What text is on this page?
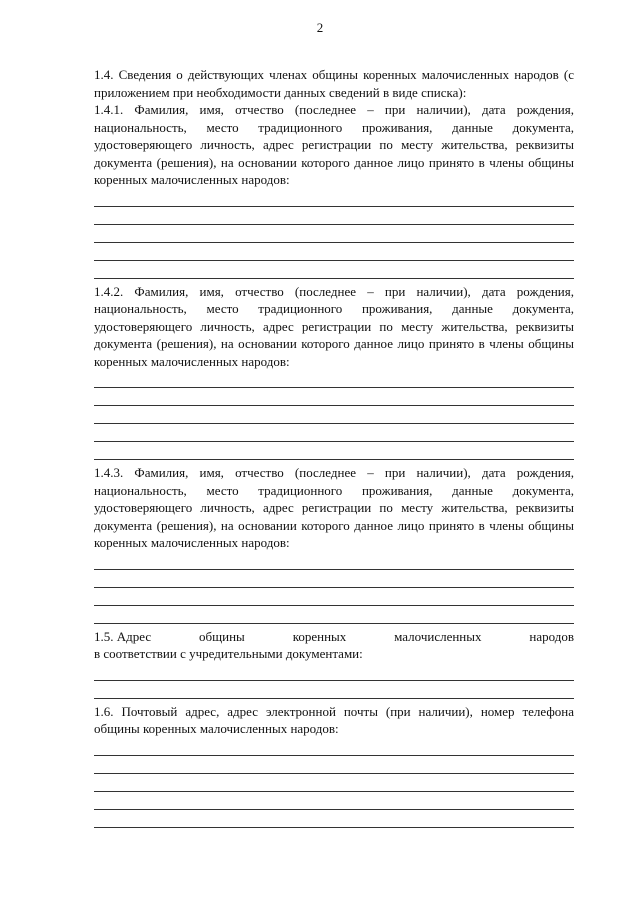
2

1.4. Сведения о действующих членах общины коренных малочисленных народов (с приложением при необходимости данных сведений в виде списка):

1.4.1. Фамилия, имя, отчество (последнее – при наличии), дата рождения, национальность, место традиционного проживания, данные документа, удостоверяющего личность, адрес регистрации по месту жительства, реквизиты документа (решения), на основании которого данное лицо принято в члены общины коренных малочисленных народов:

1.4.2. Фамилия, имя, отчество (последнее – при наличии), дата рождения, национальность, место традиционного проживания, данные документа, удостоверяющего личность, адрес регистрации по месту жительства, реквизиты документа (решения), на основании которого данное лицо принято в члены общины коренных малочисленных народов:

1.4.3. Фамилия, имя, отчество (последнее – при наличии), дата рождения, национальность, место традиционного проживания, данные документа, удостоверяющего личность, адрес регистрации по месту жительства, реквизиты документа (решения), на основании которого данное лицо принято в члены общины коренных малочисленных народов:

1.5. Адрес	общины	коренных	малочисленных	народов

в соответствии с учредительными документами:

1.6. Почтовый адрес, адрес электронной почты (при наличии), номер телефона общины коренных малочисленных народов:
